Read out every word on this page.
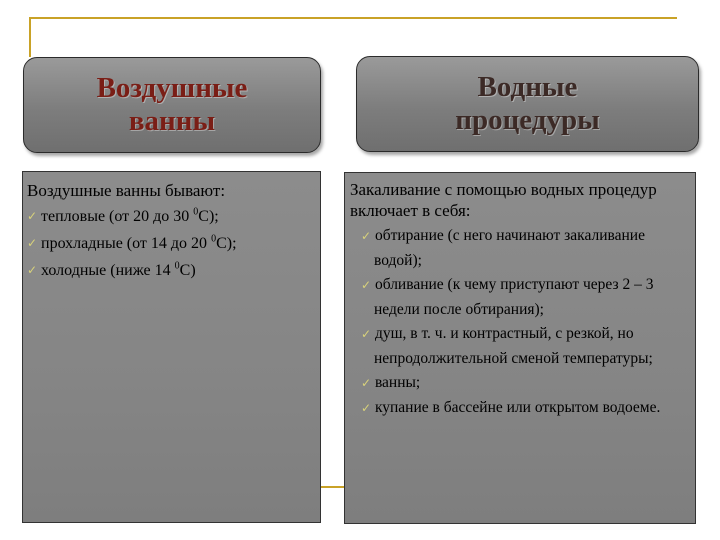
Воздушные
ванны
Водные
процедуры

Воздушные ванны бывают:

✓ тепловые (от 20 до 30 $^0$С);
✓ прохладные (от 14 до 20 $^0$С);
✓ холодные (ниже 14 $^0$С)

Закаливание с помощью водных процедур включает в себя:

✓ обтирание (с него начинают закаливание водой);
✓ обливание (к чему приступают через 2 – 3 недели после обтирания);
✓ душ, в т. ч. и контрастный, с резкой, но непродолжительной сменой температуры;
✓ ванны;
✓ купание в бассейне или открытом водоеме.
